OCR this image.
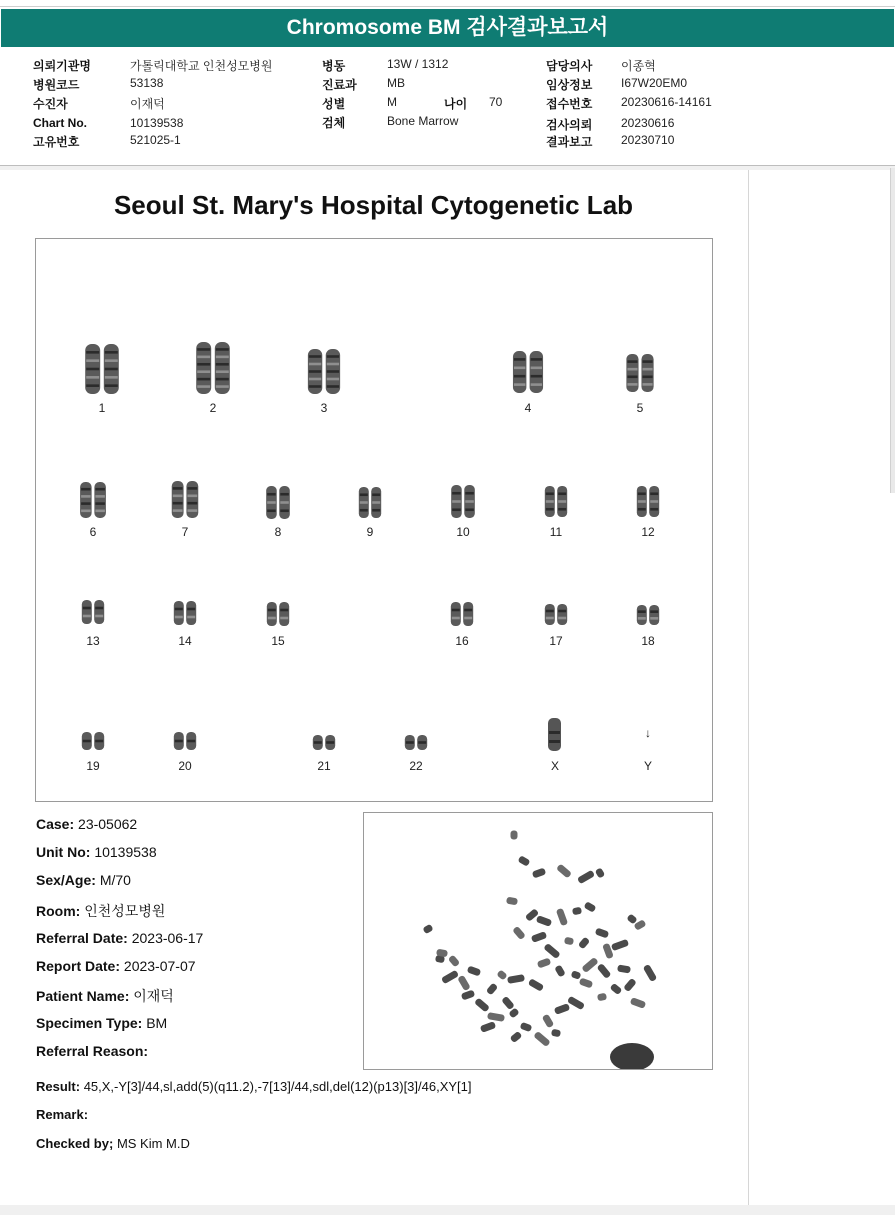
Chromosome BM 검사결과보고서
의뢰기관명	가톨릭대학교 인천성모병원
병원코드	53138
수진자	이재덕
Chart No.	10139538
고유번호	521025-1
병동	13W / 1312
진료과	MB
성별	M	나이 70
검체	Bone Marrow
담당의사 이종혁
임상정보 I67W20EM0
접수번호 20230616-14161
검사의뢰 20230616
결과보고 20230710
Seoul St. Mary's Hospital Cytogenetic Lab
1	2	3	4	5
6	7	8	9	10	11	12
13	14	15	16	17	18
19	20	21	22	X
↓
Y
Case: 23-05062
Unit No: 10139538
Sex/Age: M/70
Room: 인천성모병원
Referral Date: 2023-06-17
Report Date: 2023-07-07
Patient Name: 이재덕
Specimen Type: BM
Referral Reason:
Result: 45,X,-Y[3]/44,sl,add(5)(q11.2),-7[13]/44,sdl,del(12)(p13)[3]/46,XY[1]
Remark:
Checked by; MS Kim M.D
